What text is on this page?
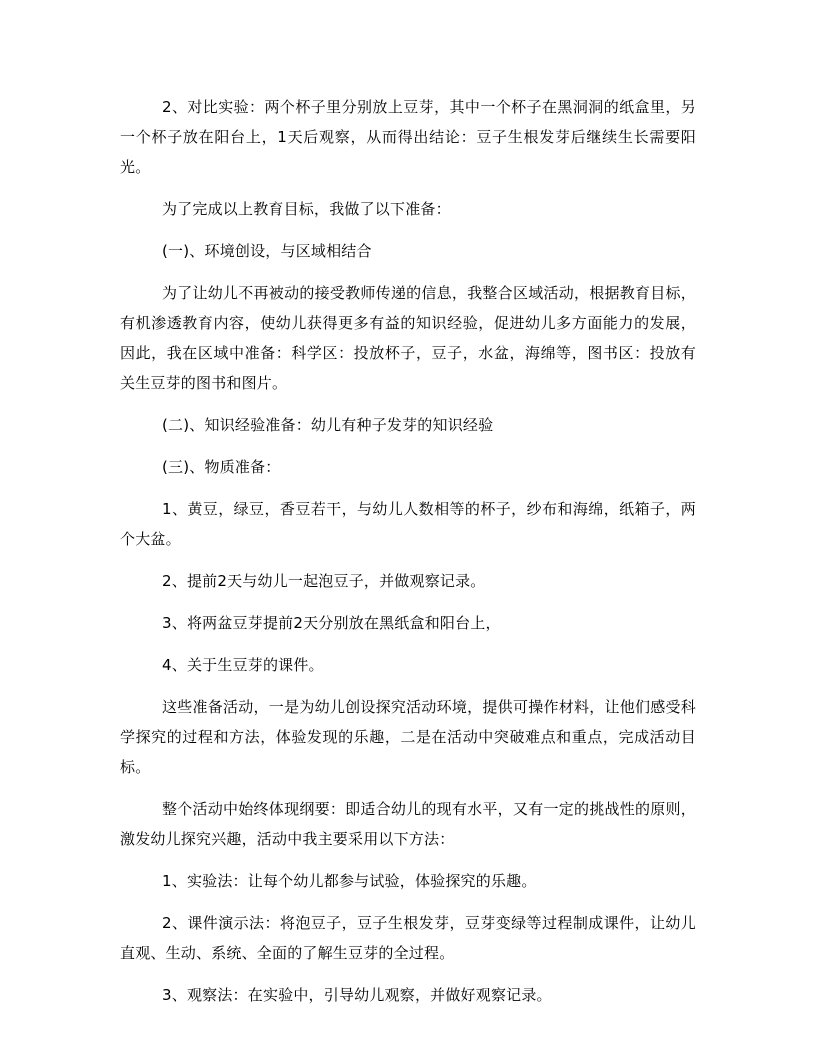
2、对比实验：两个杯子里分别放上豆芽，其中一个杯子在黑洞洞的纸盒里，另一个杯子放在阳台上，1天后观察，从而得出结论：豆子生根发芽后继续生长需要阳光。

为了完成以上教育目标，我做了以下准备：

(一)、环境创设，与区域相结合

为了让幼儿不再被动的接受教师传递的信息，我整合区域活动，根据教育目标，有机渗透教育内容，使幼儿获得更多有益的知识经验，促进幼儿多方面能力的发展，因此，我在区域中准备：科学区：投放杯子，豆子，水盆，海绵等，图书区：投放有关生豆芽的图书和图片。

(二)、知识经验准备：幼儿有种子发芽的知识经验

(三)、物质准备：

1、黄豆，绿豆，香豆若干，与幼儿人数相等的杯子，纱布和海绵，纸箱子，两个大盆。

2、提前2天与幼儿一起泡豆子，并做观察记录。

3、将两盆豆芽提前2天分别放在黑纸盒和阳台上，

4、关于生豆芽的课件。

这些准备活动，一是为幼儿创设探究活动环境，提供可操作材料，让他们感受科学探究的过程和方法，体验发现的乐趣，二是在活动中突破难点和重点，完成活动目标。

整个活动中始终体现纲要：即适合幼儿的现有水平，又有一定的挑战性的原则，激发幼儿探究兴趣，活动中我主要采用以下方法：

1、实验法：让每个幼儿都参与试验，体验探究的乐趣。

2、课件演示法：将泡豆子，豆子生根发芽，豆芽变绿等过程制成课件，让幼儿直观、生动、系统、全面的了解生豆芽的全过程。

3、观察法：在实验中，引导幼儿观察，并做好观察记录。
